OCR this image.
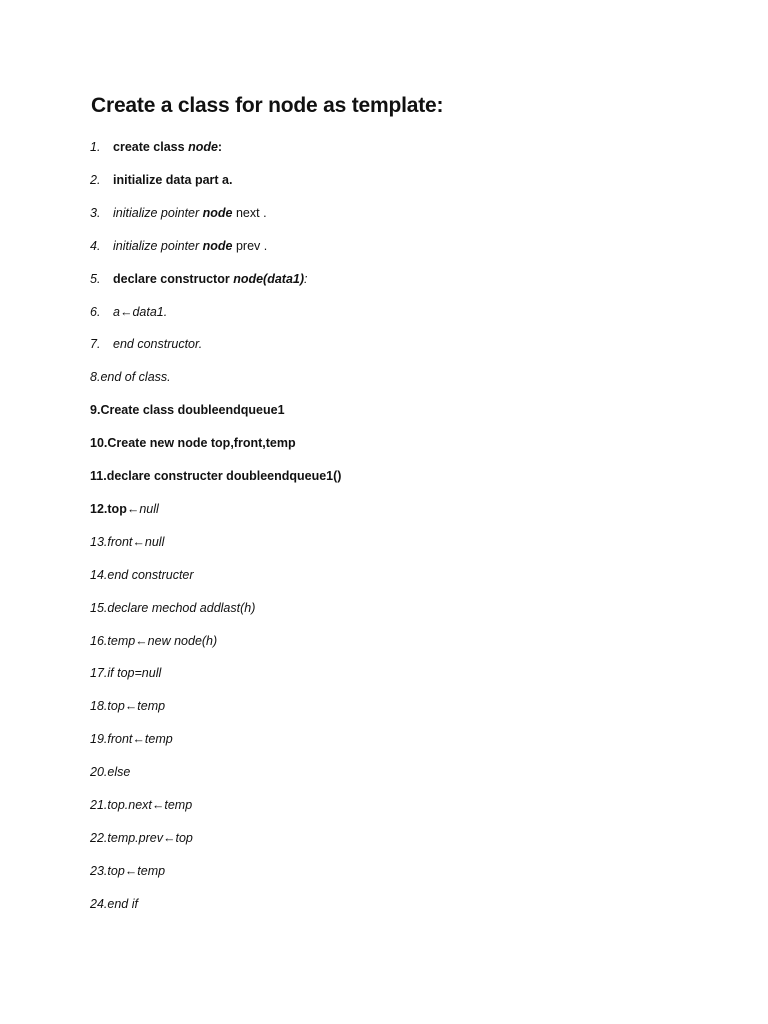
Create a class for node as template:
1. create class node:
2. initialize data part a.
3. initialize pointer node next .
4. initialize pointer node prev .
5. declare constructor node(data1):
6. a←data1.
7. end constructor.
8.end of class.
9.Create class doubleendqueue1
10.Create new node top,front,temp
11.declare constructer doubleendqueue1()
12.top←null
13.front←null
14.end constructer
15.declare mechod addlast(h)
16.temp←new node(h)
17.if top=null
18.top←temp
19.front←temp
20.else
21.top.next←temp
22.temp.prev←top
23.top←temp
24.end if
